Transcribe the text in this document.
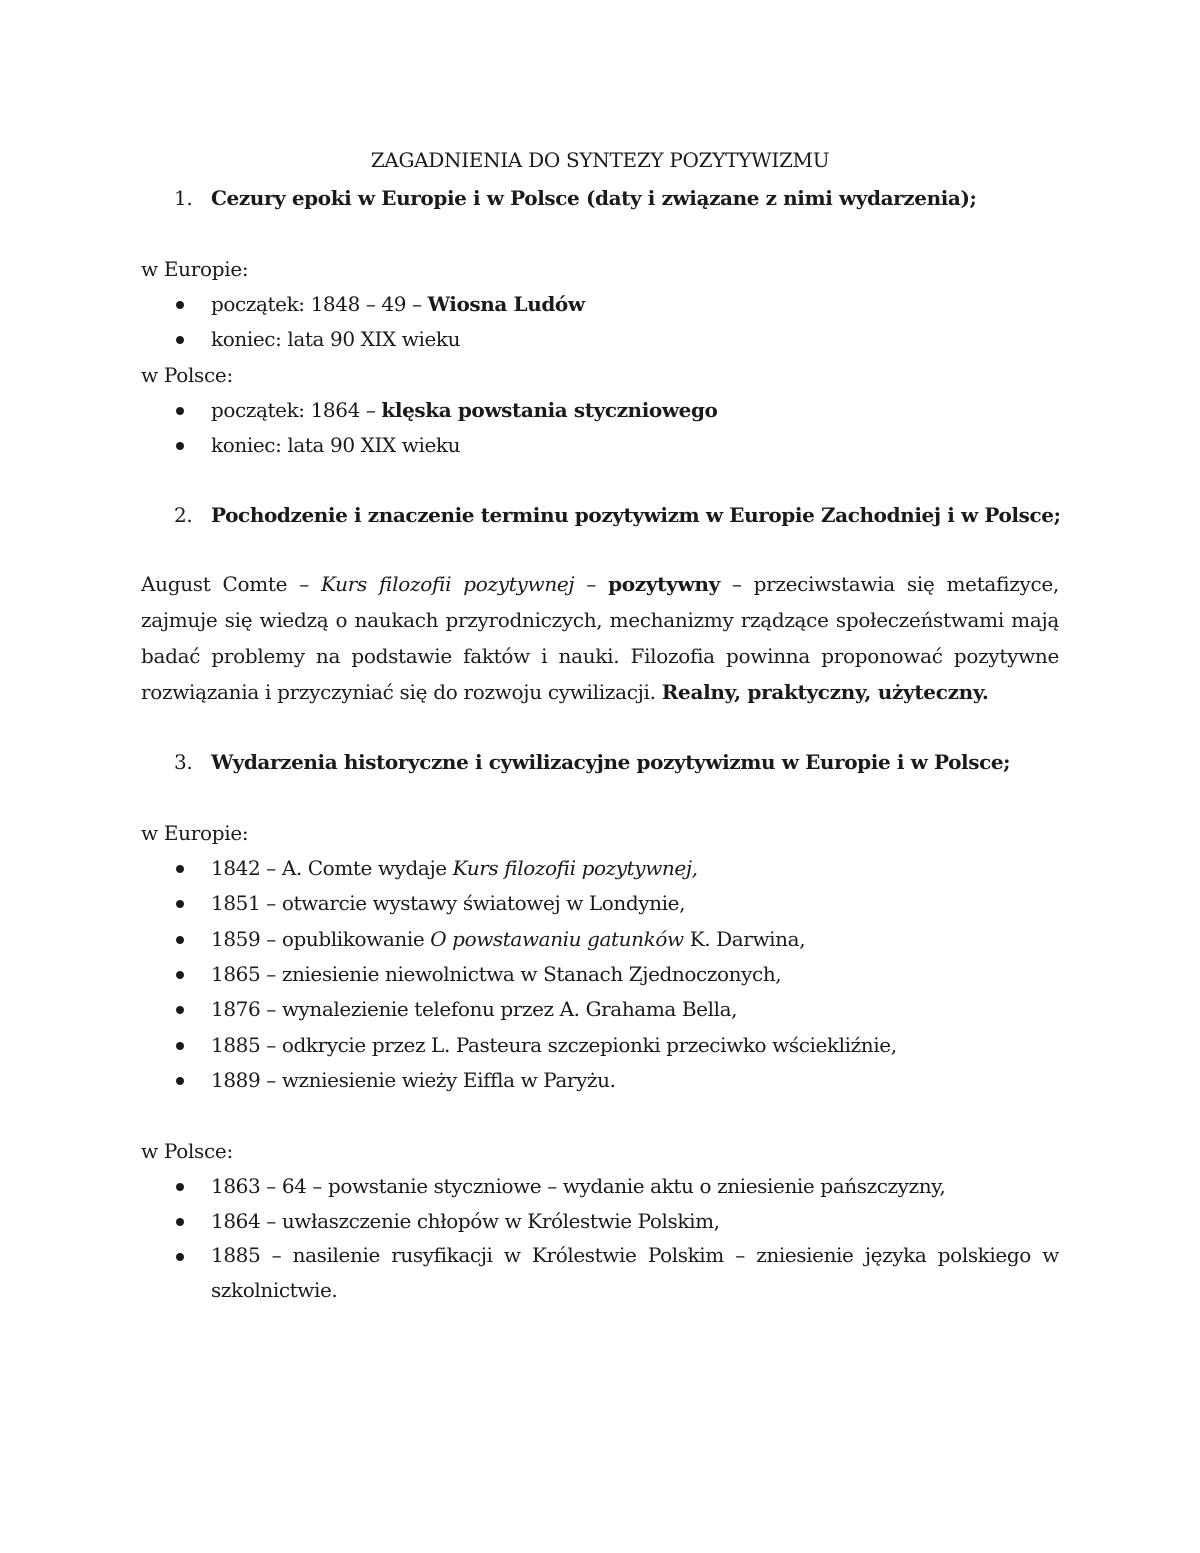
ZAGADNIENIA DO SYNTEZY POZYTYWIZMU
1. Cezury epoki w Europie i w Polsce (daty i związane z nimi wydarzenia);
w Europie:
początek: 1848 – 49 – Wiosna Ludów
koniec: lata 90 XIX wieku
w Polsce:
początek: 1864 – klęska powstania styczniowego
koniec: lata 90 XIX wieku
2. Pochodzenie i znaczenie terminu pozytywizm w Europie Zachodniej i w Polsce;
August Comte – Kurs filozofii pozytywnej – pozytywny – przeciwstawia się metafizyce, zajmuje się wiedzą o naukach przyrodniczych, mechanizmy rządzące społeczeństwami mają badać problemy na podstawie faktów i nauki. Filozofia powinna proponować pozytywne rozwiązania i przyczyniać się do rozwoju cywilizacji. Realny, praktyczny, użyteczny.
3. Wydarzenia historyczne i cywilizacyjne pozytywizmu w Europie i w Polsce;
w Europie:
1842 – A. Comte wydaje Kurs filozofii pozytywnej,
1851 – otwarcie wystawy światowej w Londynie,
1859 – opublikowanie O powstawaniu gatunków K. Darwina,
1865 – zniesienie niewolnictwa w Stanach Zjednoczonych,
1876 – wynalezienie telefonu przez A. Grahama Bella,
1885 – odkrycie przez L. Pasteura szczepionki przeciwko wściekliźnie,
1889 – wzniesienie wieży Eiffla w Paryżu.
w Polsce:
1863 – 64 – powstanie styczniowe – wydanie aktu o zniesienie pańszczyzny,
1864 – uwłaszczenie chłopów w Królestwie Polskim,
1885 – nasilenie rusyfikacji w Królestwie Polskim – zniesienie języka polskiego w szkolnictwie.
